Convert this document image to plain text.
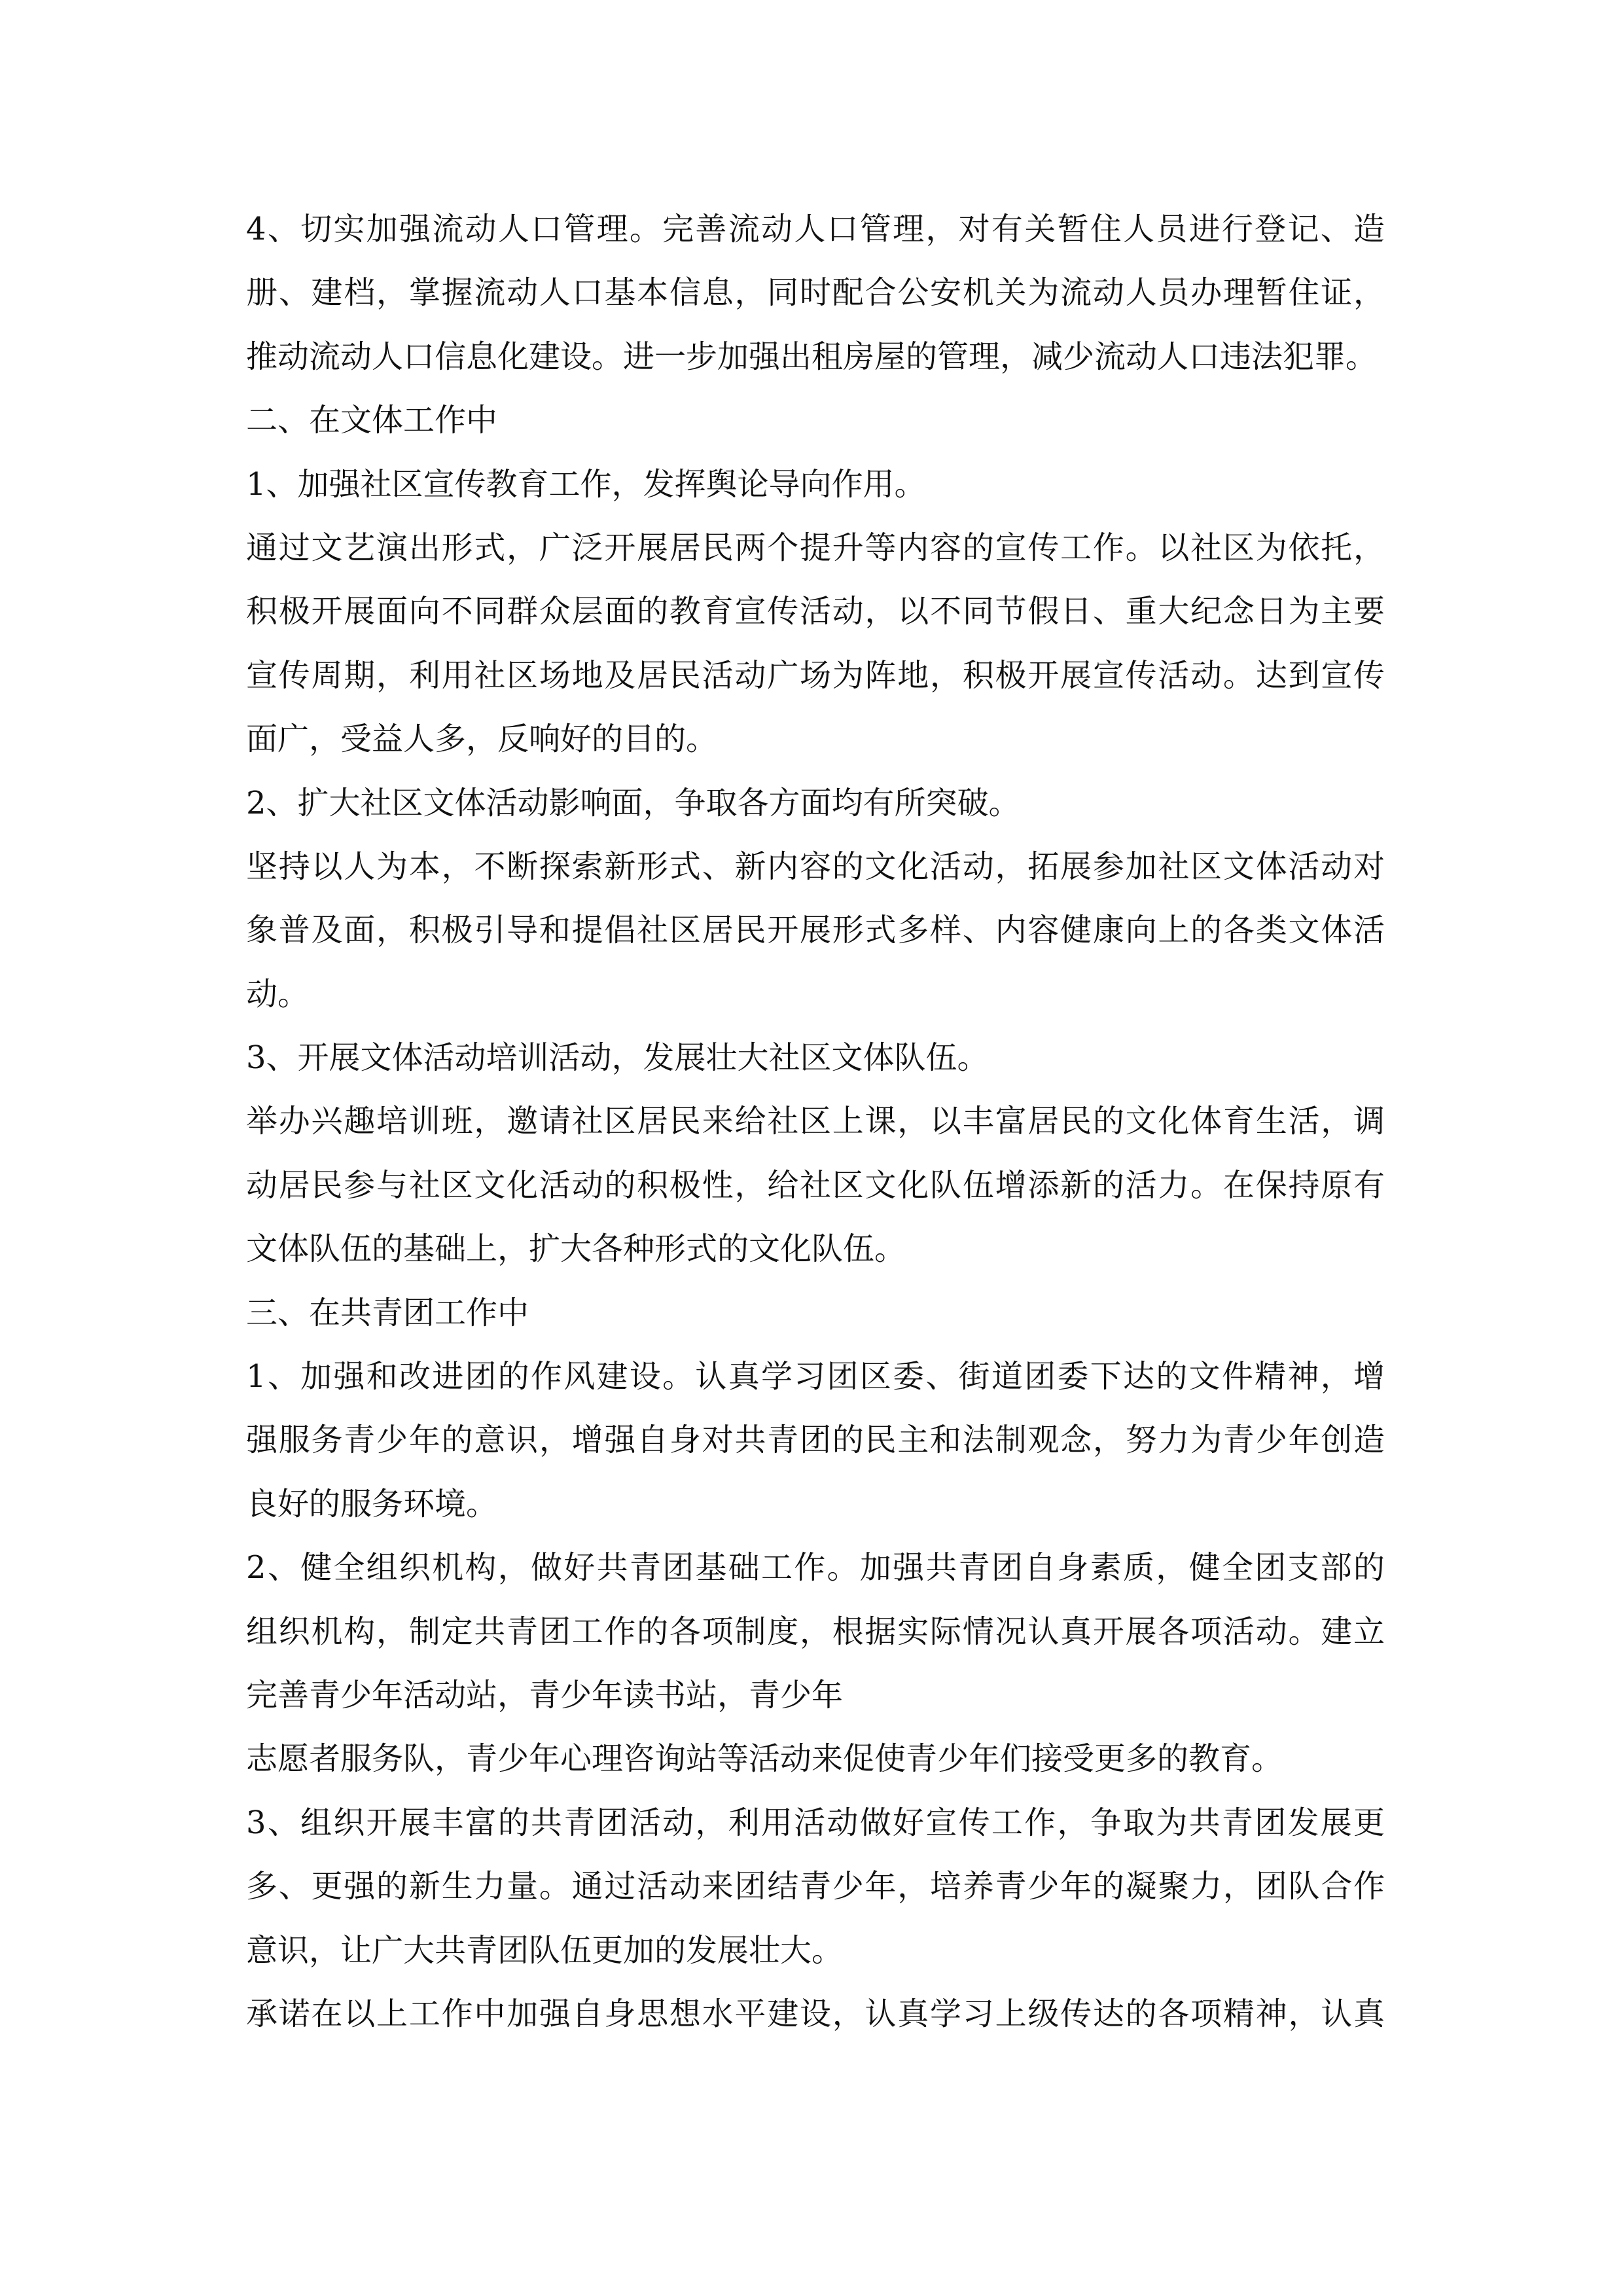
4、切实加强流动人口管理。完善流动人口管理，对有关暂住人员进行登记、造
册、建档，掌握流动人口基本信息，同时配合公安机关为流动人员办理暂住证，
推动流动人口信息化建设。进一步加强出租房屋的管理，减少流动人口违法犯罪。
二、在文体工作中
1、加强社区宣传教育工作，发挥舆论导向作用。
通过文艺演出形式，广泛开展居民两个提升等内容的宣传工作。以社区为依托，
积极开展面向不同群众层面的教育宣传活动，以不同节假日、重大纪念日为主要
宣传周期，利用社区场地及居民活动广场为阵地，积极开展宣传活动。达到宣传
面广，受益人多，反响好的目的。
2、扩大社区文体活动影响面，争取各方面均有所突破。
坚持以人为本，不断探索新形式、新内容的文化活动，拓展参加社区文体活动对
象普及面，积极引导和提倡社区居民开展形式多样、内容健康向上的各类文体活
动。
3、开展文体活动培训活动，发展壮大社区文体队伍。
举办兴趣培训班，邀请社区居民来给社区上课，以丰富居民的文化体育生活，调
动居民参与社区文化活动的积极性，给社区文化队伍增添新的活力。在保持原有
文体队伍的基础上，扩大各种形式的文化队伍。
三、在共青团工作中
1、加强和改进团的作风建设。认真学习团区委、街道团委下达的文件精神，增
强服务青少年的意识，增强自身对共青团的民主和法制观念，努力为青少年创造
良好的服务环境。
2、健全组织机构，做好共青团基础工作。加强共青团自身素质，健全团支部的
组织机构，制定共青团工作的各项制度，根据实际情况认真开展各项活动。建立
完善青少年活动站，青少年读书站，青少年
志愿者服务队，青少年心理咨询站等活动来促使青少年们接受更多的教育。
3、组织开展丰富的共青团活动，利用活动做好宣传工作，争取为共青团发展更
多、更强的新生力量。通过活动来团结青少年，培养青少年的凝聚力，团队合作
意识，让广大共青团队伍更加的发展壮大。
承诺在以上工作中加强自身思想水平建设，认真学习上级传达的各项精神，认真
